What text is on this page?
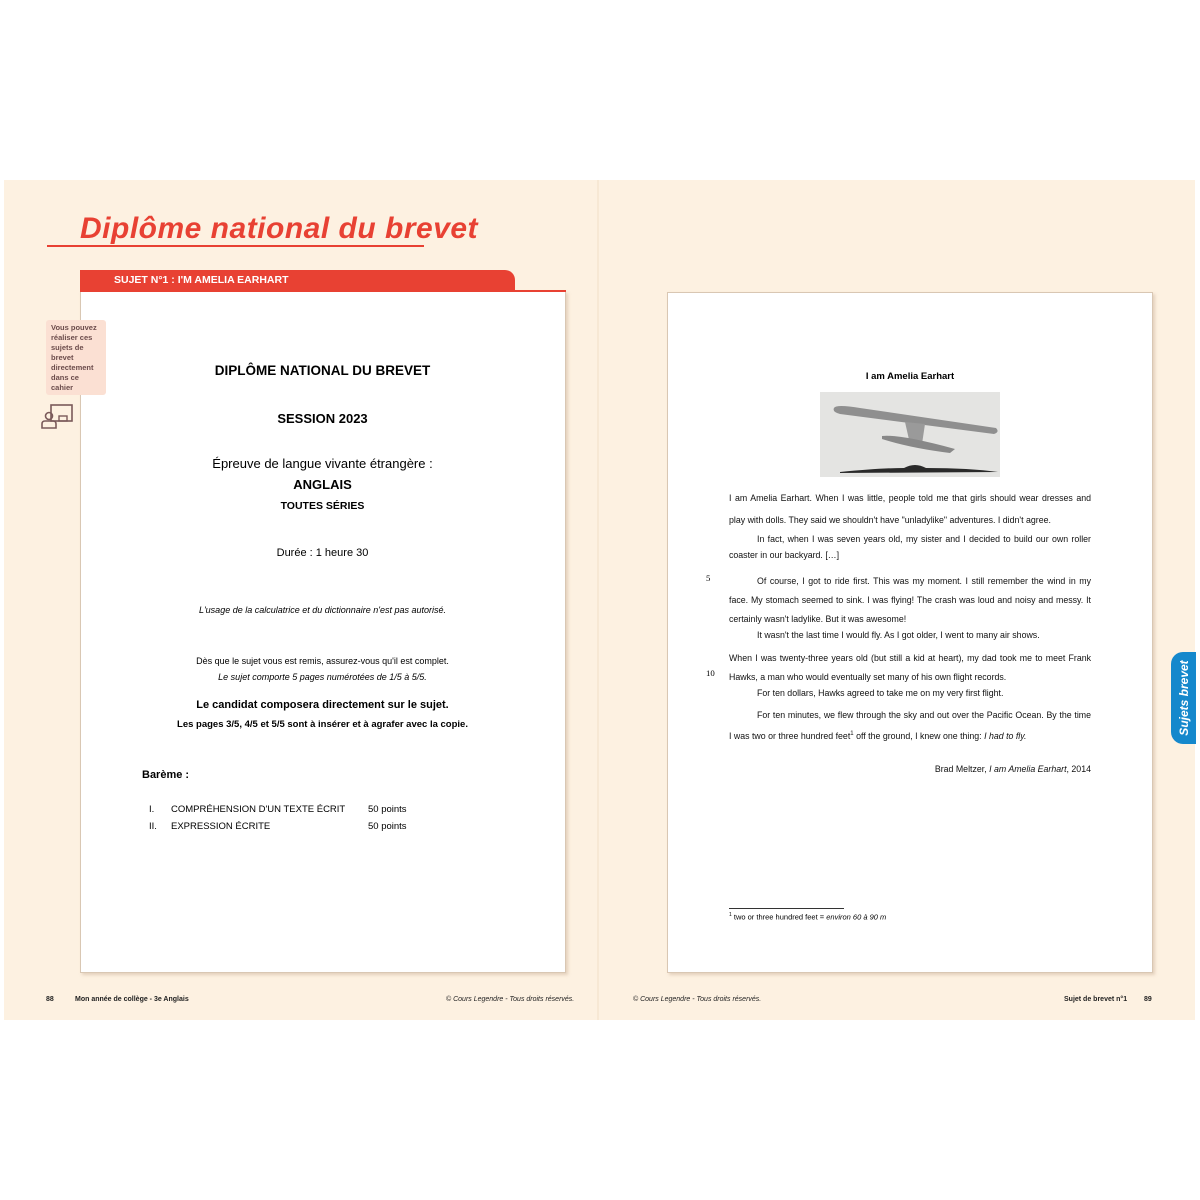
Diplôme national du brevet
SUJET N°1 : I'M AMELIA EARHART
Vous pouvez réaliser ces sujets de brevet directement dans ce cahier
DIPLÔME NATIONAL DU BREVET
SESSION 2023
Épreuve de langue vivante étrangère :
ANGLAIS
TOUTES SÉRIES
Durée : 1 heure 30
L'usage de la calculatrice et du dictionnaire n'est pas autorisé.
Dès que le sujet vous est remis, assurez-vous qu'il est complet.
Le sujet comporte 5 pages numérotées de 1/5 à 5/5.
Le candidat composera directement sur le sujet.
Les pages 3/5, 4/5 et 5/5 sont à insérer et à agrafer avec la copie.
Barème :
I. COMPRÉHENSION D'UN TEXTE ÉCRIT 50 points
II. EXPRESSION ÉCRITE	50 points
88	Mon année de collège - 3e Anglais	© Cours Legendre - Tous droits réservés.
I am Amelia Earhart
I am Amelia Earhart. When I was little, people told me that girls should wear dresses and play with dolls. They said we shouldn't have "unladylike" adventures. I didn't agree.
In fact, when I was seven years old, my sister and I decided to build our own roller coaster in our backyard. […]
5	Of course, I got to ride first. This was my moment. I still remember the wind in my face. My stomach seemed to sink. I was flying! The crash was loud and noisy and messy. It certainly wasn't ladylike. But it was awesome!
It wasn't the last time I would fly. As I got older, I went to many air shows.
When I was twenty-three years old (but still a kid at heart), my dad took me to meet Frank Hawks, a man who would eventually set many of his own flight records.
10
For ten dollars, Hawks agreed to take me on my very first flight.
For ten minutes, we flew through the sky and out over the Pacific Ocean. By the time I was two or three hundred feet$^1$ off the ground, I knew one thing: I had to fly.
Brad Meltzer, I am Amelia Earhart, 2014
$^1$ two or three hundred feet = environ 60 à 90 m
Sujets brevet
© Cours Legendre - Tous droits réservés.	Sujet de brevet n°1 89
